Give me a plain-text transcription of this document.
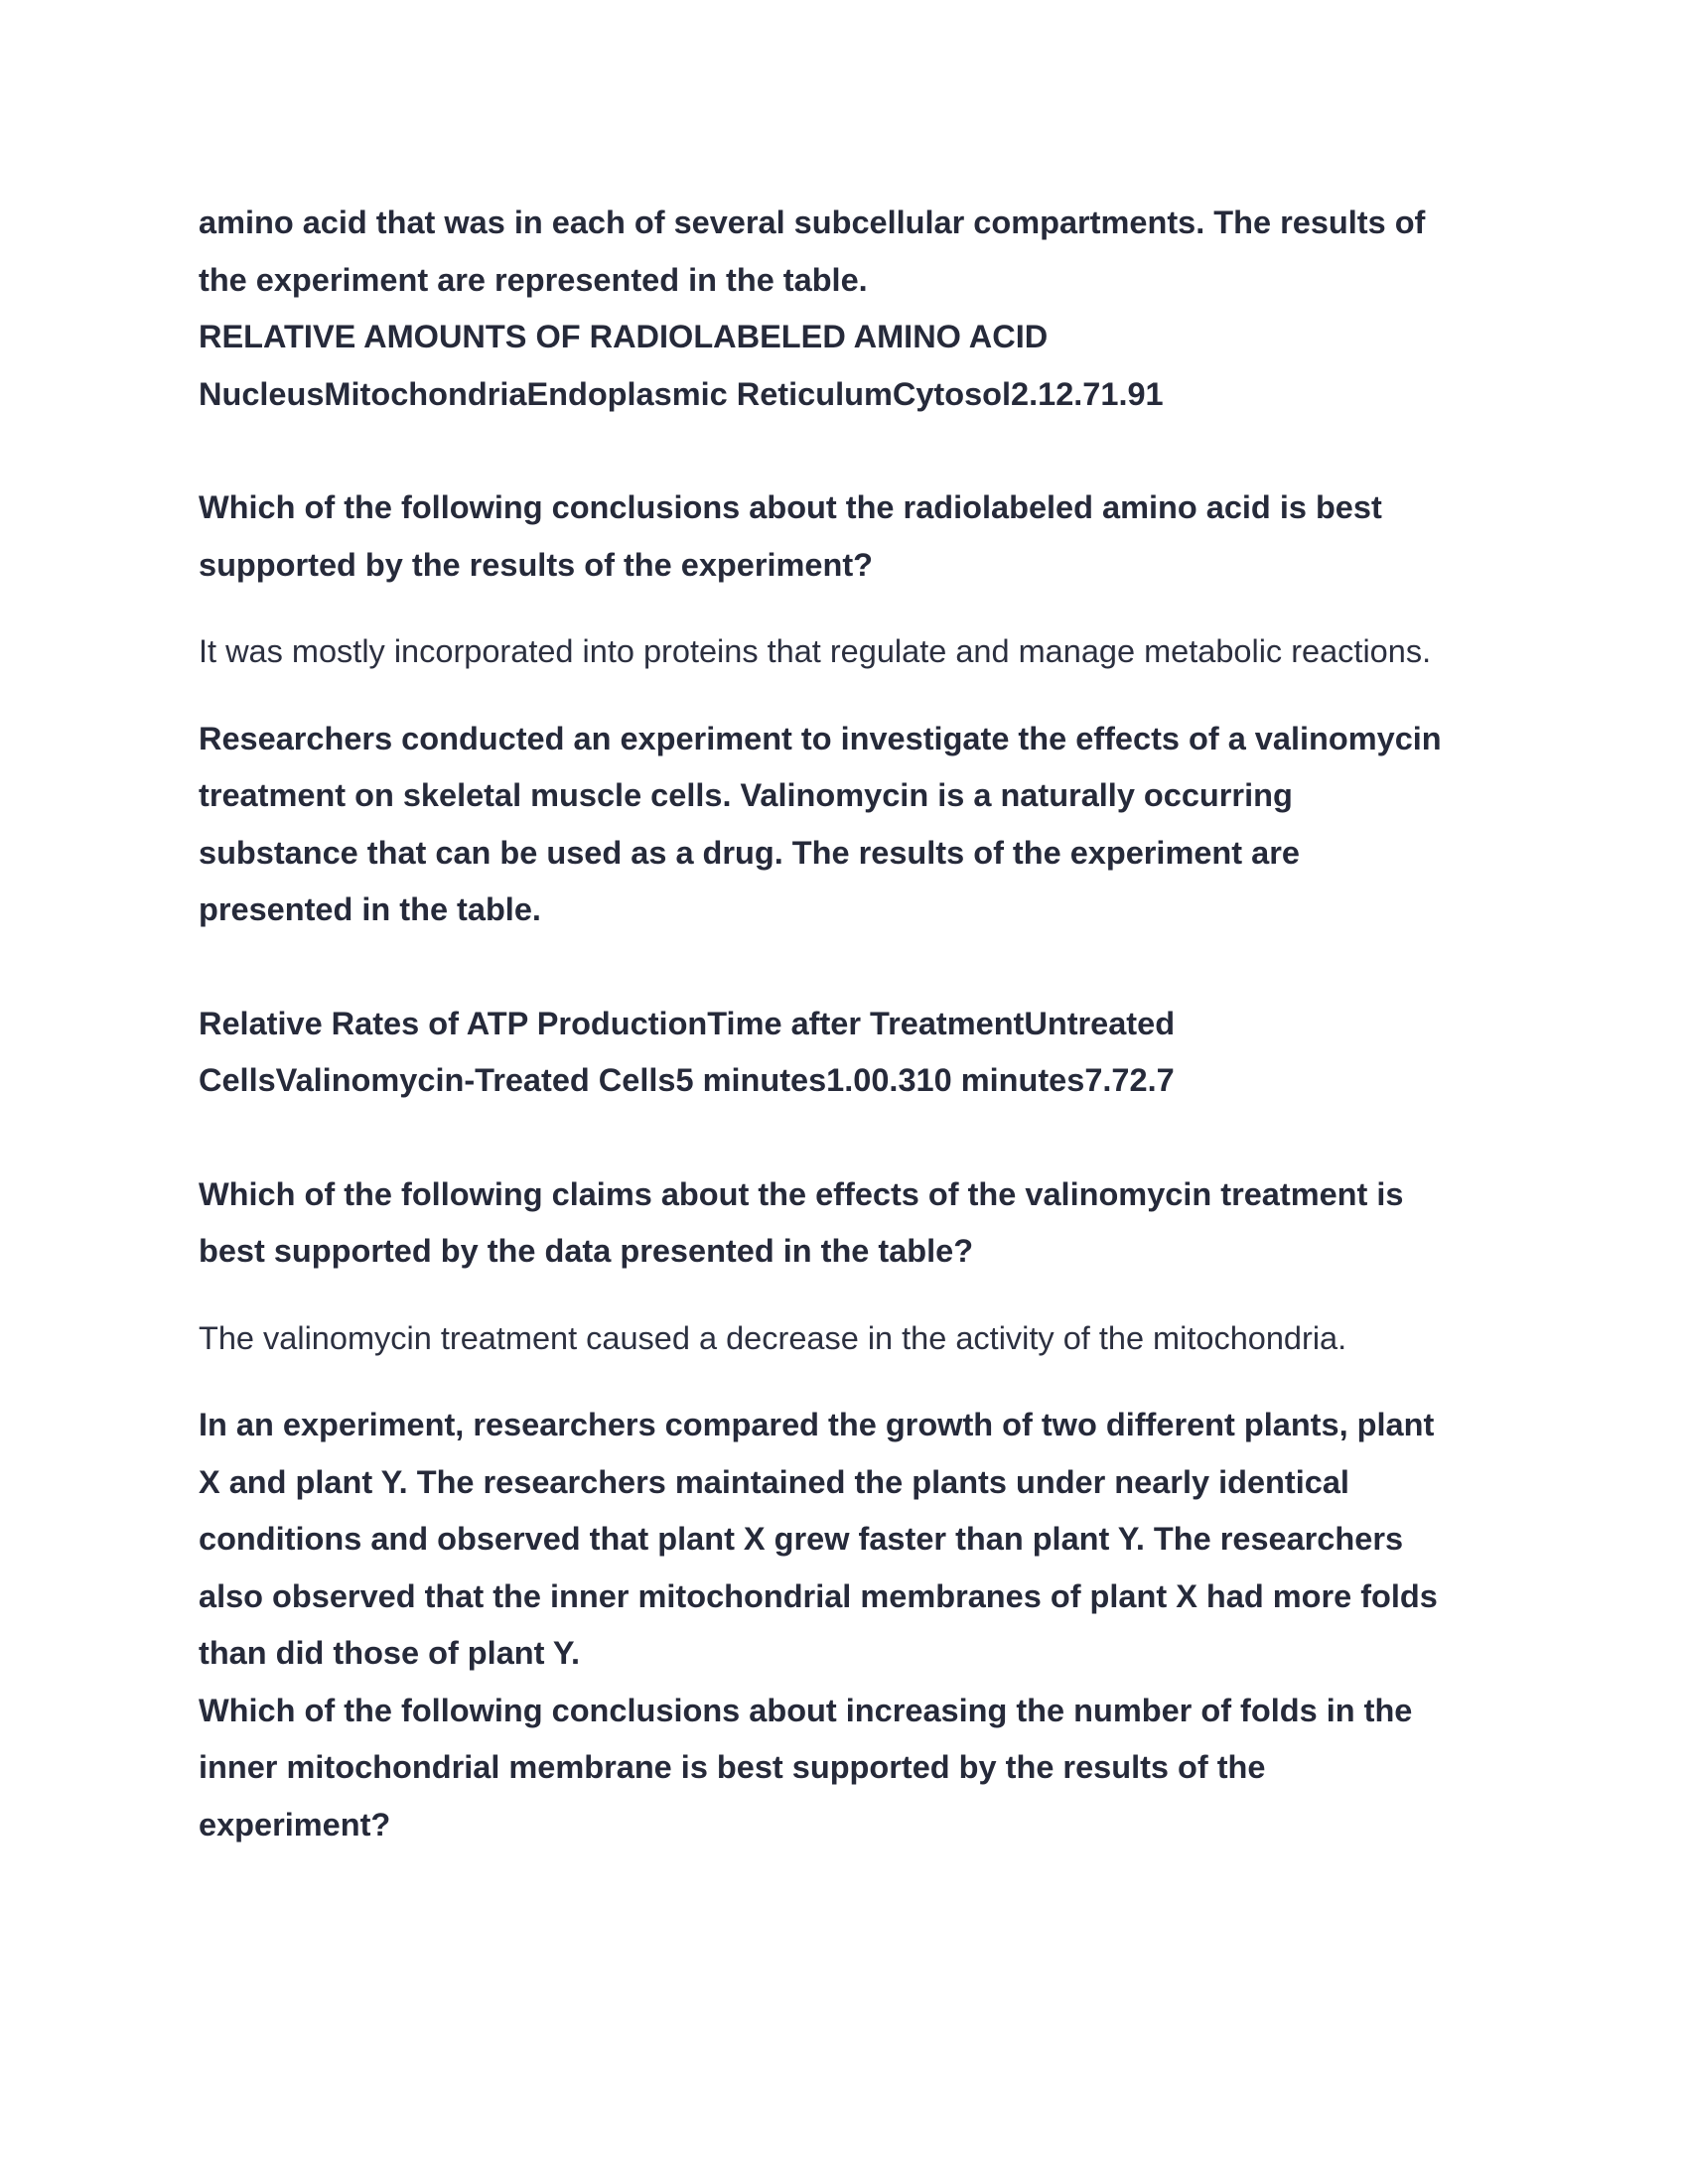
amino acid that was in each of several subcellular compartments. The results of

the experiment are represented in the table.

RELATIVE AMOUNTS OF RADIOLABELED AMINO ACID

NucleusMitochondriaEndoplasmic ReticulumCytosol2.12.71.91

Which of the following conclusions about the radiolabeled amino acid is best

supported by the results of the experiment?

It was mostly incorporated into proteins that regulate and manage metabolic reactions.

Researchers conducted an experiment to investigate the effects of a valinomycin

treatment on skeletal muscle cells. Valinomycin is a naturally occurring

substance that can be used as a drug. The results of the experiment are

presented in the table.

Relative Rates of ATP ProductionTime after TreatmentUntreated

CellsValinomycin-Treated Cells5 minutes1.00.310 minutes7.72.7

Which of the following claims about the effects of the valinomycin treatment is

best supported by the data presented in the table?

The valinomycin treatment caused a decrease in the activity of the mitochondria.

In an experiment, researchers compared the growth of two different plants, plant

X and plant Y. The researchers maintained the plants under nearly identical

conditions and observed that plant X grew faster than plant Y. The researchers

also observed that the inner mitochondrial membranes of plant X had more folds

than did those of plant Y.

Which of the following conclusions about increasing the number of folds in the

inner mitochondrial membrane is best supported by the results of the

experiment?
